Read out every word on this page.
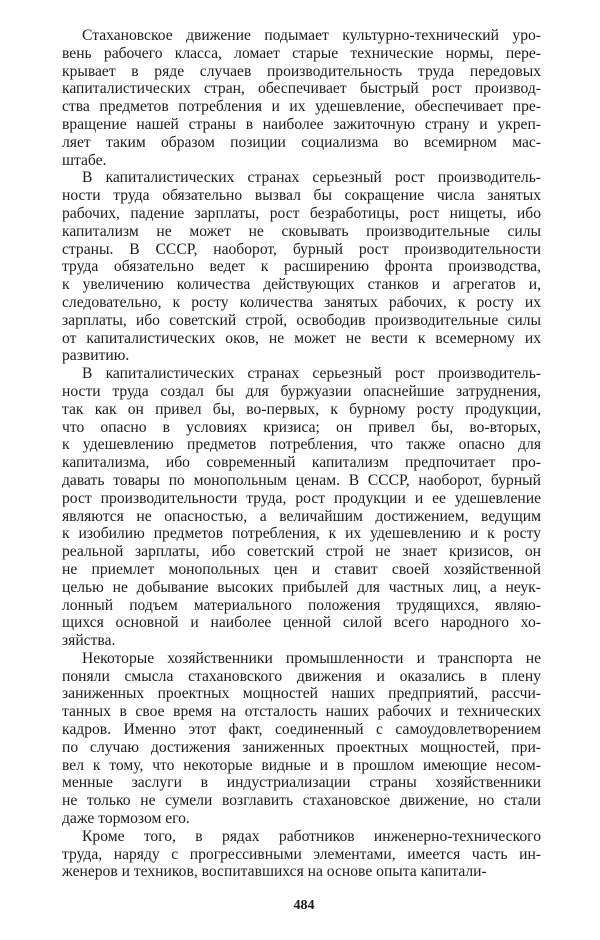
Стахановское движение подымает культурно-технический уро-
вень рабочего класса, ломает старые технические нормы, пере-
крывает в ряде случаев производительность труда передовых
капиталистических стран, обеспечивает быстрый рост производ-
ства предметов потребления и их удешевление, обеспечивает пре-
вращение нашей страны в наиболее зажиточную страну и укреп-
ляет таким образом позиции социализма во всемирном мас-
штабе.
В капиталистических странах серьезный рост производитель-
ности труда обязательно вызвал бы сокращение числа занятых
рабочих, падение зарплаты, рост безработицы, рост нищеты, ибо
капитализм не может не сковывать производительные силы
страны. В СССР, наоборот, бурный рост производительности
труда обязательно ведет к расширению фронта производства,
к увеличению количества действующих станков и агрегатов и,
следовательно, к росту количества занятых рабочих, к росту их
зарплаты, ибо советский строй, освободив производительные силы
от капиталистических оков, не может не вести к всемерному их
развитию.
В капиталистических странах серьезный рост производитель-
ности труда создал бы для буржуазии опаснейшие затруднения,
так как он привел бы, во-первых, к бурному росту продукции,
что опасно в условиях кризиса; он привел бы, во-вторых,
к удешевлению предметов потребления, что также опасно для
капитализма, ибо современный капитализм предпочитает про-
давать товары по монопольным ценам. В СССР, наоборот, бурный
рост производительности труда, рост продукции и ее удешевление
являются не опасностью, а величайшим достижением, ведущим
к изобилию предметов потребления, к их удешевлению и к росту
реальной зарплаты, ибо советский строй не знает кризисов, он
не приемлет монопольных цен и ставит своей хозяйственной
целью не добывание высоких прибылей для частных лиц, а неук-
лонный подъем материального положения трудящихся, являю-
щихся основной и наиболее ценной силой всего народного хо-
зяйства.
Некоторые хозяйственники промышленности и транспорта не
поняли смысла стахановского движения и оказались в плену
заниженных проектных мощностей наших предприятий, рассчи-
танных в свое время на отсталость наших рабочих и технических
кадров. Именно этот факт, соединенный с самоудовлетворением
по случаю достижения заниженных проектных мощностей, при-
вел к тому, что некоторые видные и в прошлом имеющие несом-
менные заслуги в индустриализации страны хозяйственники
не только не сумели возглавить стахановское движение, но стали
даже тормозом его.
Кроме того, в рядах работников инженерно-технического
труда, наряду с прогрессивными элементами, имеется часть ин-
женеров и техников, воспитавшихся на основе опыта капитали-
484
